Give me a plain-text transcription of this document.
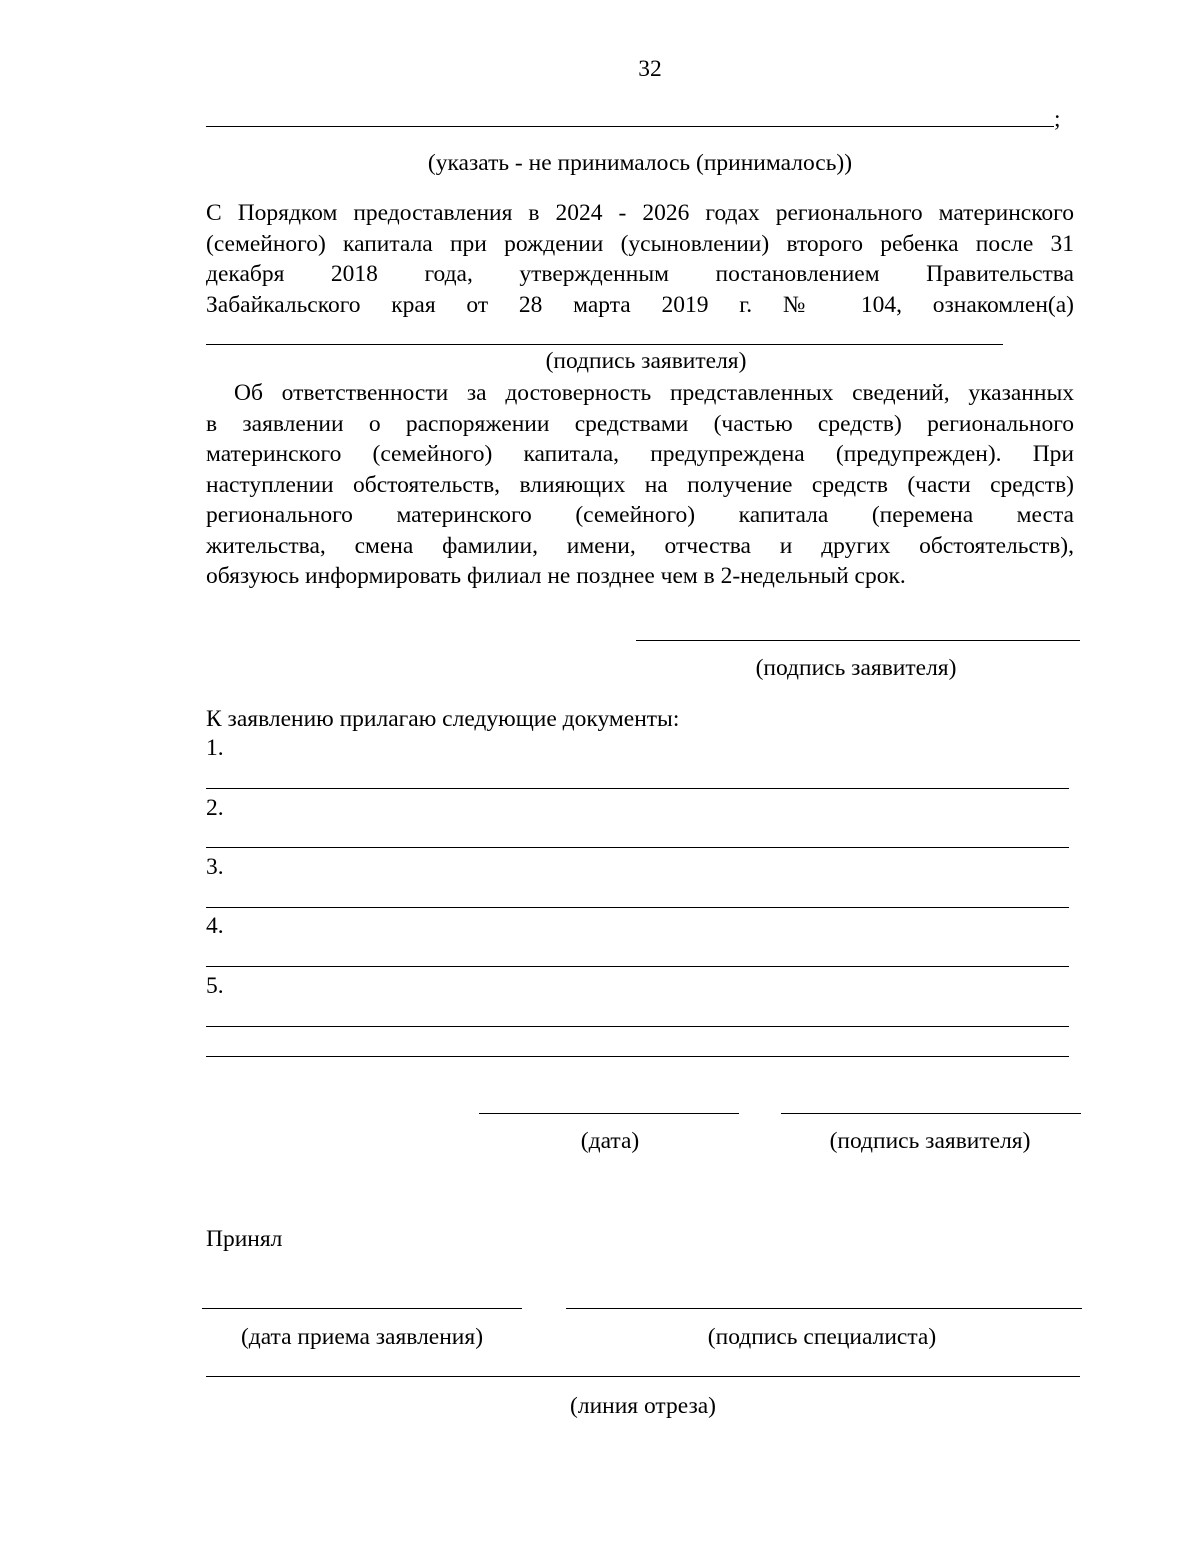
32
;
(указать - не принималось (принималось))
С Порядком предоставления в 2024 - 2026 годах регионального материнского
(семейного) капитала при рождении (усыновлении) второго ребенка после 31
декабря 2018 года, утвержденным постановлением Правительства
Забайкальского края от 28 марта 2019 г. № 104, ознакомлен(а)
(подпись заявителя)
Об ответственности за достоверность представленных сведений, указанных
в заявлении о распоряжении средствами (частью средств) регионального
материнского (семейного) капитала, предупреждена (предупрежден). При
наступлении обстоятельств, влияющих на получение средств (части средств)
регионального материнского (семейного) капитала (перемена места
жительства, смена фамилии, имени, отчества и других обстоятельств),
обязуюсь информировать филиал не позднее чем в 2-недельный срок.
(подпись заявителя)
К заявлению прилагаю следующие документы:
1.
2.
3.
4.
5.
(дата)	(подпись заявителя)
Принял
(дата приема заявления)	(подпись специалиста)
(линия отреза)
